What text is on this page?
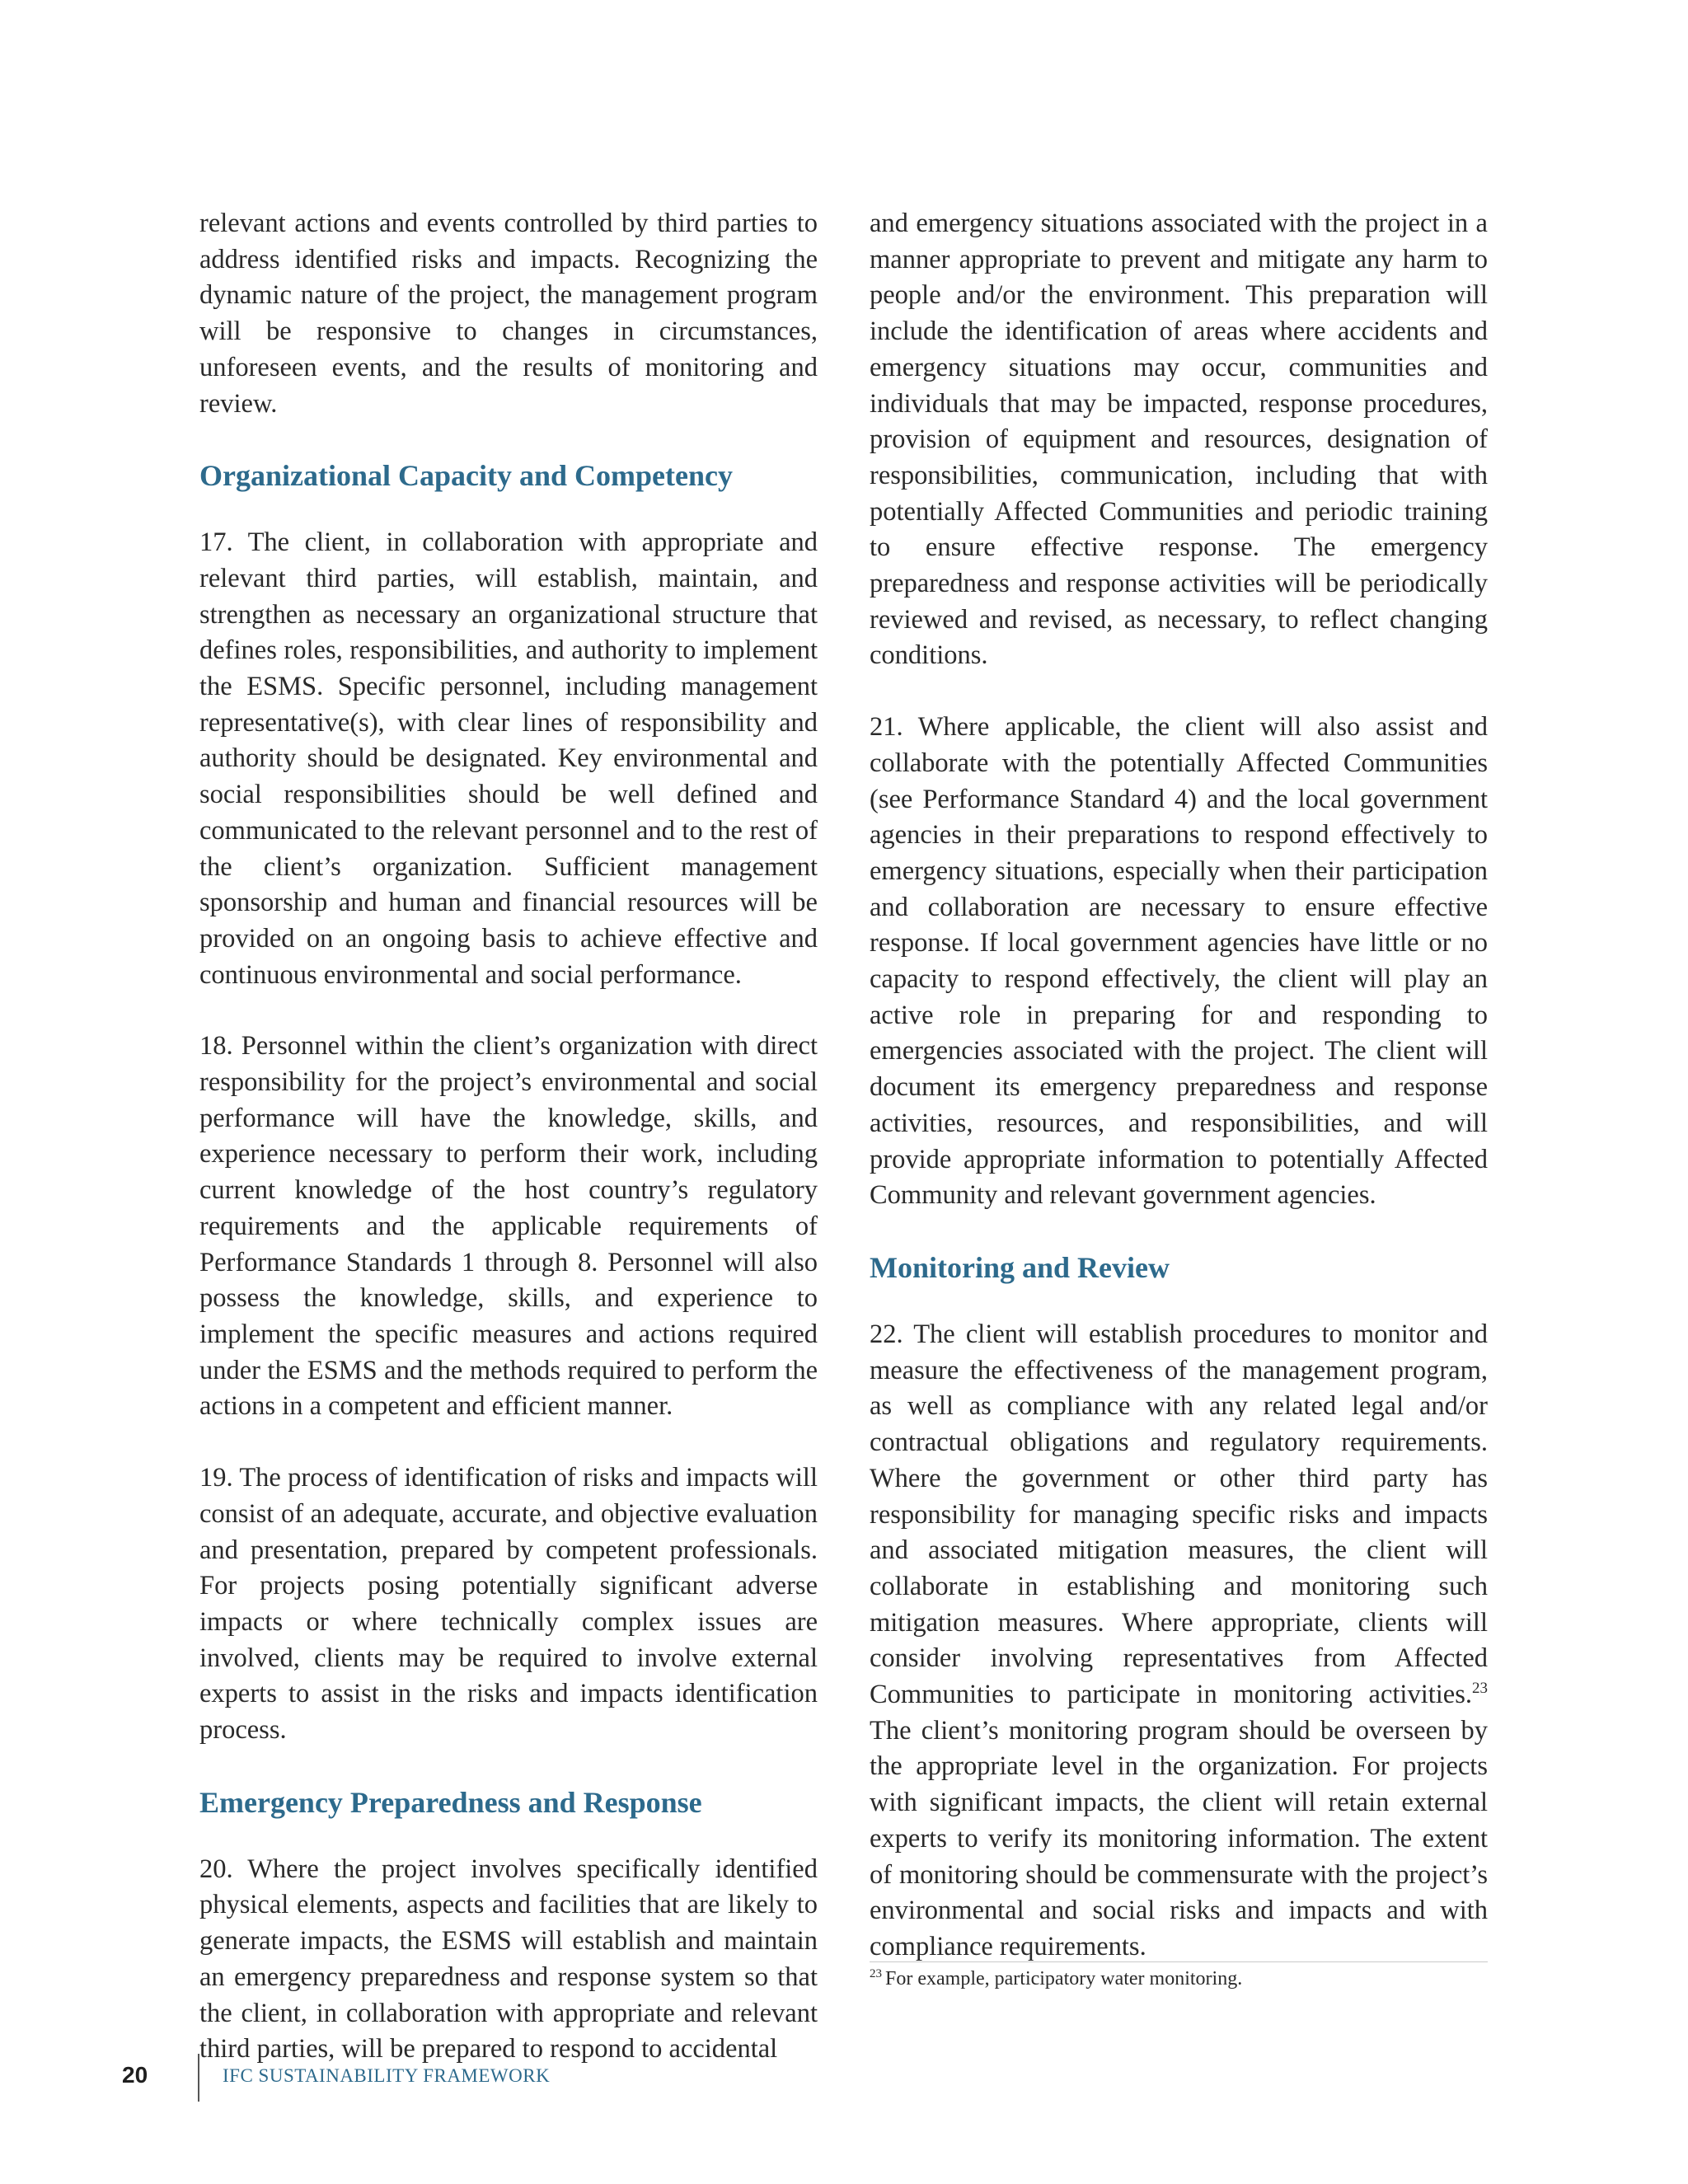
relevant actions and events controlled by third parties to address identified risks and impacts. Recognizing the dynamic nature of the project, the management program will be responsive to changes in circumstances, unforeseen events, and the results of monitoring and review.

Organizational Capacity and Competency

17. The client, in collaboration with appropriate and relevant third parties, will establish, maintain, and strengthen as necessary an organizational structure that defines roles, responsibilities, and authority to implement the ESMS. Specific personnel, including management representative(s), with clear lines of responsibility and authority should be designated. Key environmental and social responsibilities should be well defined and communicated to the relevant personnel and to the rest of the client’s organization. Sufficient management sponsorship and human and financial resources will be provided on an ongoing basis to achieve effective and continuous environmental and social performance.

18. Personnel within the client’s organization with direct responsibility for the project’s environmental and social performance will have the knowledge, skills, and experience necessary to perform their work, including current knowledge of the host country’s regulatory requirements and the applicable requirements of Performance Standards 1 through 8. Personnel will also possess the knowledge, skills, and experience to implement the specific measures and actions required under the ESMS and the methods required to perform the actions in a competent and efficient manner.

19. The process of identification of risks and impacts will consist of an adequate, accurate, and objective evaluation and presentation, prepared by competent professionals. For projects posing potentially significant adverse impacts or where technically complex issues are involved, clients may be required to involve external experts to assist in the risks and impacts identification process.

Emergency Preparedness and Response

20. Where the project involves specifically identified physical elements, aspects and facilities that are likely to generate impacts, the ESMS will establish and maintain an emergency preparedness and response system so that the client, in collaboration with appropriate and relevant third parties, will be prepared to respond to accidental

and emergency situations associated with the project in a manner appropriate to prevent and mitigate any harm to people and/or the environment. This preparation will include the identification of areas where accidents and emergency situations may occur, communities and individuals that may be impacted, response procedures, provision of equipment and resources, designation of responsibilities, communication, including that with potentially Affected Communities and periodic training to ensure effective response. The emergency preparedness and response activities will be periodically reviewed and revised, as necessary, to reflect changing conditions.

21. Where applicable, the client will also assist and collaborate with the potentially Affected Communities (see Performance Standard 4) and the local government agencies in their preparations to respond effectively to emergency situations, especially when their participation and collaboration are necessary to ensure effective response. If local government agencies have little or no capacity to respond effectively, the client will play an active role in preparing for and responding to emergencies associated with the project. The client will document its emergency preparedness and response activities, resources, and responsibilities, and will provide appropriate information to potentially Affected Community and relevant government agencies.

Monitoring and Review

22. The client will establish procedures to monitor and measure the effectiveness of the management program, as well as compliance with any related legal and/or contractual obligations and regulatory requirements. Where the government or other third party has responsibility for managing specific risks and impacts and associated mitigation measures, the client will collaborate in establishing and monitoring such mitigation measures. Where appropriate, clients will consider involving representatives from Affected Communities to participate in monitoring activities.$^{23}$ The client’s monitoring program should be overseen by the appropriate level in the organization. For projects with significant impacts, the client will retain external experts to verify its monitoring information. The extent of monitoring should be commensurate with the project’s environmental and social risks and impacts and with compliance requirements.

$^{23}$ For example, participatory water monitoring.
20	IFC SUSTAINABILITY FRAMEWORK
